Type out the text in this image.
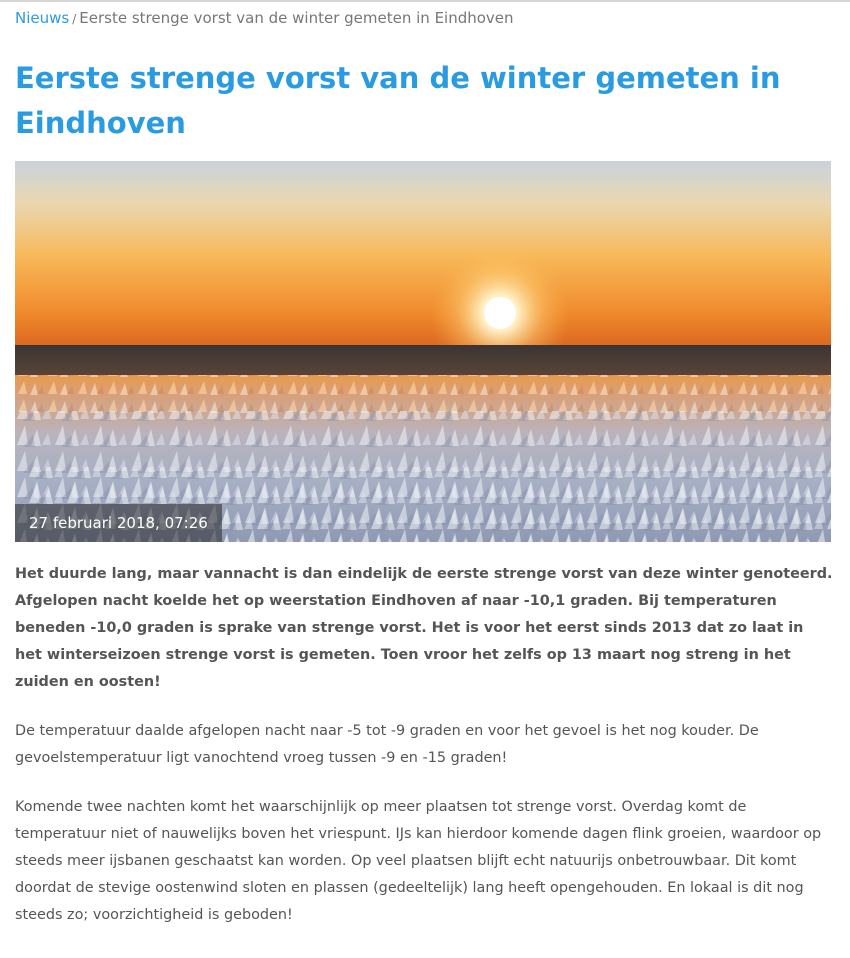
Nieuws / Eerste strenge vorst van de winter gemeten in Eindhoven
Eerste strenge vorst van de winter gemeten in Eindhoven
27 februari 2018, 07:26

Het duurde lang, maar vannacht is dan eindelijk de eerste strenge vorst van deze winter genoteerd. Afgelopen nacht koelde het op weerstation Eindhoven af naar -10,1 graden. Bij temperaturen beneden -10,0 graden is sprake van strenge vorst. Het is voor het eerst sinds 2013 dat zo laat in het winterseizoen strenge vorst is gemeten. Toen vroor het zelfs op 13 maart nog streng in het zuiden en oosten!

De temperatuur daalde afgelopen nacht naar -5 tot -9 graden en voor het gevoel is het nog kouder. De gevoelstemperatuur ligt vanochtend vroeg tussen -9 en -15 graden!

Komende twee nachten komt het waarschijnlijk op meer plaatsen tot strenge vorst. Overdag komt de temperatuur niet of nauwelijks boven het vriespunt. IJs kan hierdoor komende dagen flink groeien, waardoor op steeds meer ijsbanen geschaatst kan worden. Op veel plaatsen blijft echt natuurijs onbetrouwbaar. Dit komt doordat de stevige oostenwind sloten en plassen (gedeeltelijk) lang heeft opengehouden. En lokaal is dit nog steeds zo; voorzichtigheid is geboden!
